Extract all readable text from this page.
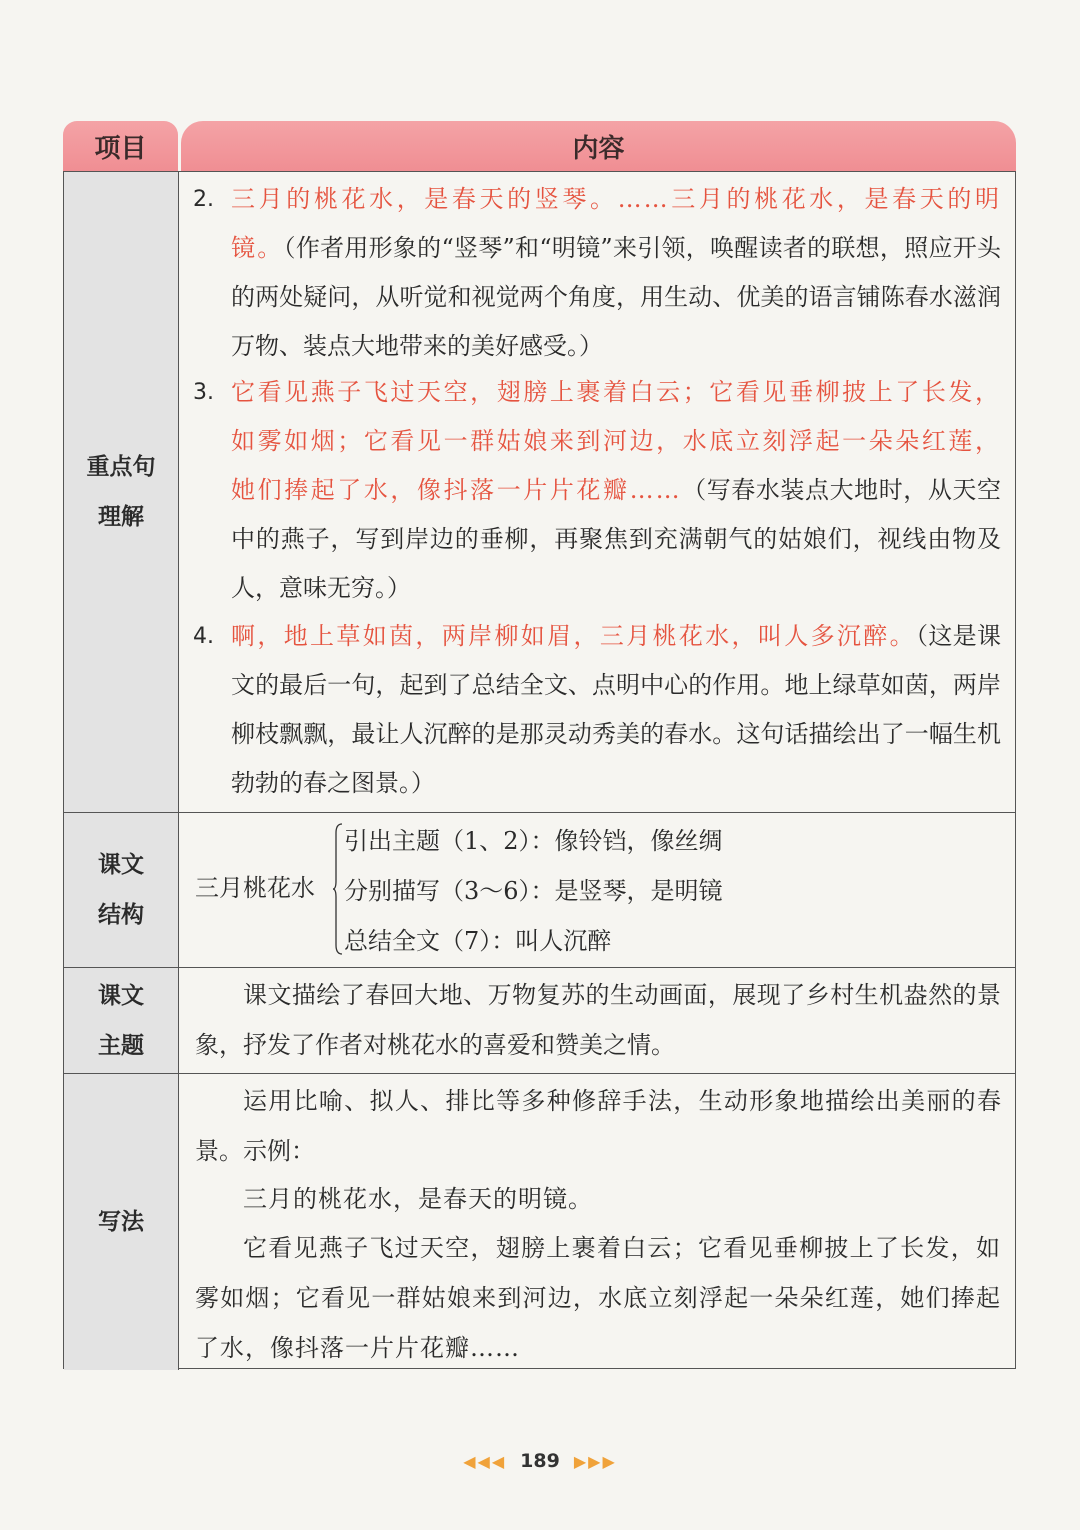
项目	内容
重点句
理解
2. 三月的桃花水，是春天的竖琴。……三月的桃花水，是春天的明镜。（作者用形象的“竖琴”和“明镜”来引领，唤醒读者的联想，照应开头的两处疑问，从听觉和视觉两个角度，用生动、优美的语言铺陈春水滋润万物、装点大地带来的美好感受。）
3. 它看见燕子飞过天空，翅膀上裹着白云；它看见垂柳披上了长发，如雾如烟；它看见一群姑娘来到河边，水底立刻浮起一朵朵红莲，她们捧起了水，像抖落一片片花瓣……（写春水装点大地时，从天空中的燕子，写到岸边的垂柳，再聚焦到充满朝气的姑娘们，视线由物及人，意味无穷。）
4. 啊，地上草如茵，两岸柳如眉，三月桃花水，叫人多沉醉。（这是课文的最后一句，起到了总结全文、点明中心的作用。地上绿草如茵，两岸柳枝飘飘，最让人沉醉的是那灵动秀美的春水。这句话描绘出了一幅生机勃勃的春之图景。）
课文
结构
三月桃花水
引出主题（1、2）：像铃铛，像丝绸
分别描写（3～6）：是竖琴，是明镜
总结全文（7）：叫人沉醉
课文
主题
课文描绘了春回大地、万物复苏的生动画面，展现了乡村生机盎然的景象，抒发了作者对桃花水的喜爱和赞美之情。
写法
运用比喻、拟人、排比等多种修辞手法，生动形象地描绘出美丽的春景。示例：
三月的桃花水，是春天的明镜。
它看见燕子飞过天空，翅膀上裹着白云；它看见垂柳披上了长发，如雾如烟；它看见一群姑娘来到河边，水底立刻浮起一朵朵红莲，她们捧起了水，像抖落一片片花瓣……
◀◀◀ 189 ▶▶▶
